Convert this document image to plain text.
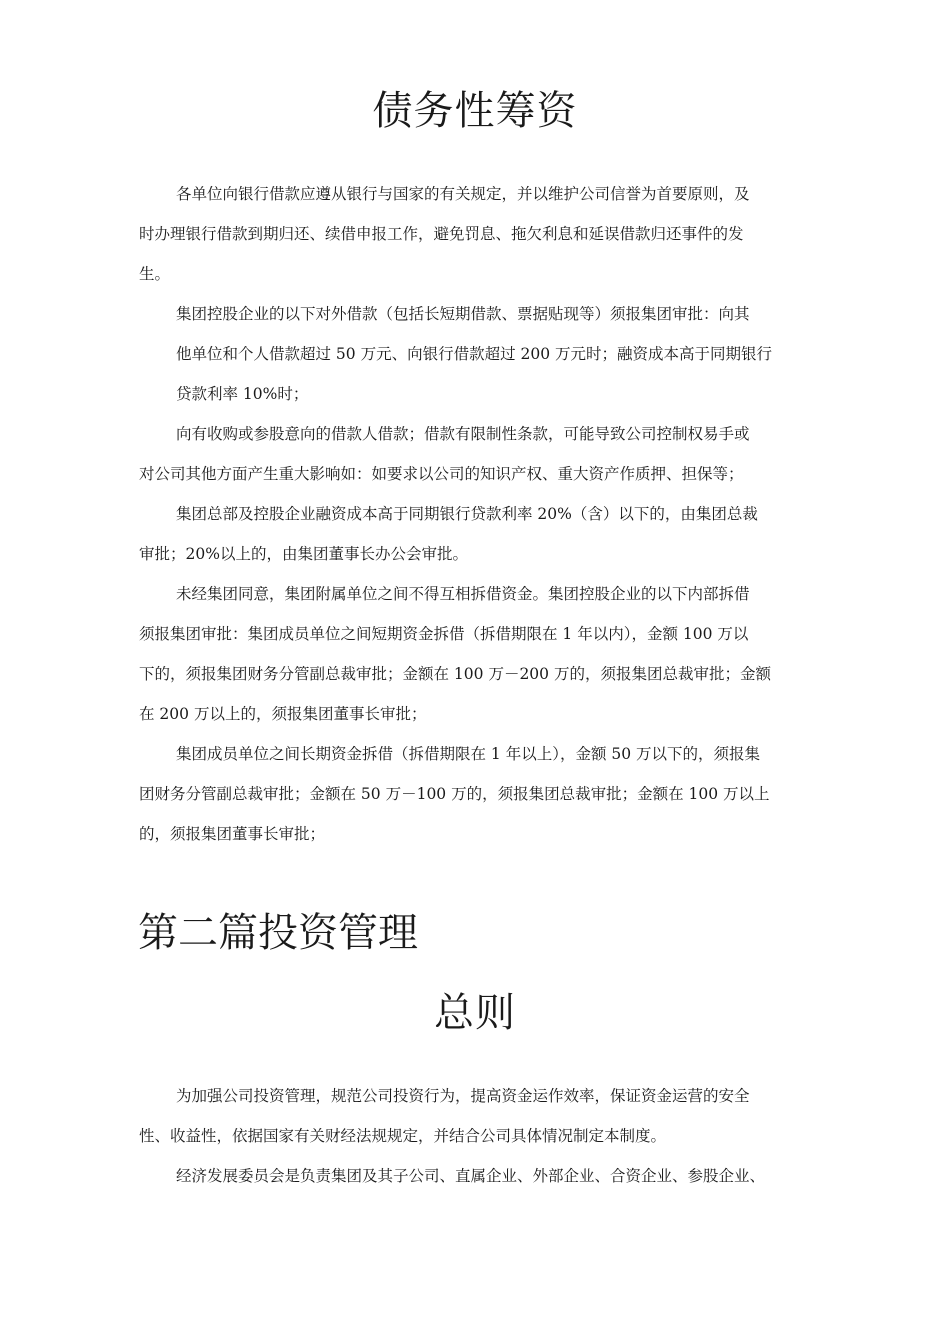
债务性筹资

各单位向银行借款应遵从银行与国家的有关规定，并以维护公司信誉为首要原则，及
时办理银行借款到期归还、续借申报工作，避免罚息、拖欠利息和延误借款归还事件的发
生。

集团控股企业的以下对外借款（包括长短期借款、票据贴现等）须报集团审批：向其
他单位和个人借款超过 50 万元、向银行借款超过 200 万元时；融资成本高于同期银行
贷款利率 10%时；

向有收购或参股意向的借款人借款；借款有限制性条款，可能导致公司控制权易手或
对公司其他方面产生重大影响如：如要求以公司的知识产权、重大资产作质押、担保等；

集团总部及控股企业融资成本高于同期银行贷款利率 20%（含）以下的，由集团总裁
审批；20%以上的，由集团董事长办公会审批。

未经集团同意，集团附属单位之间不得互相拆借资金。集团控股企业的以下内部拆借
须报集团审批：集团成员单位之间短期资金拆借（拆借期限在 1 年以内），金额 100 万以
下的，须报集团财务分管副总裁审批；金额在 100 万－200 万的，须报集团总裁审批；金额
在 200 万以上的，须报集团董事长审批；

集团成员单位之间长期资金拆借（拆借期限在 1 年以上），金额 50 万以下的，须报集
团财务分管副总裁审批；金额在 50 万－100 万的，须报集团总裁审批；金额在 100 万以上
的，须报集团董事长审批；

第二篇投资管理
总则

为加强公司投资管理，规范公司投资行为，提高资金运作效率，保证资金运营的安全
性、收益性，依据国家有关财经法规规定，并结合公司具体情况制定本制度。

经济发展委员会是负责集团及其子公司、直属企业、外部企业、合资企业、参股企业、
